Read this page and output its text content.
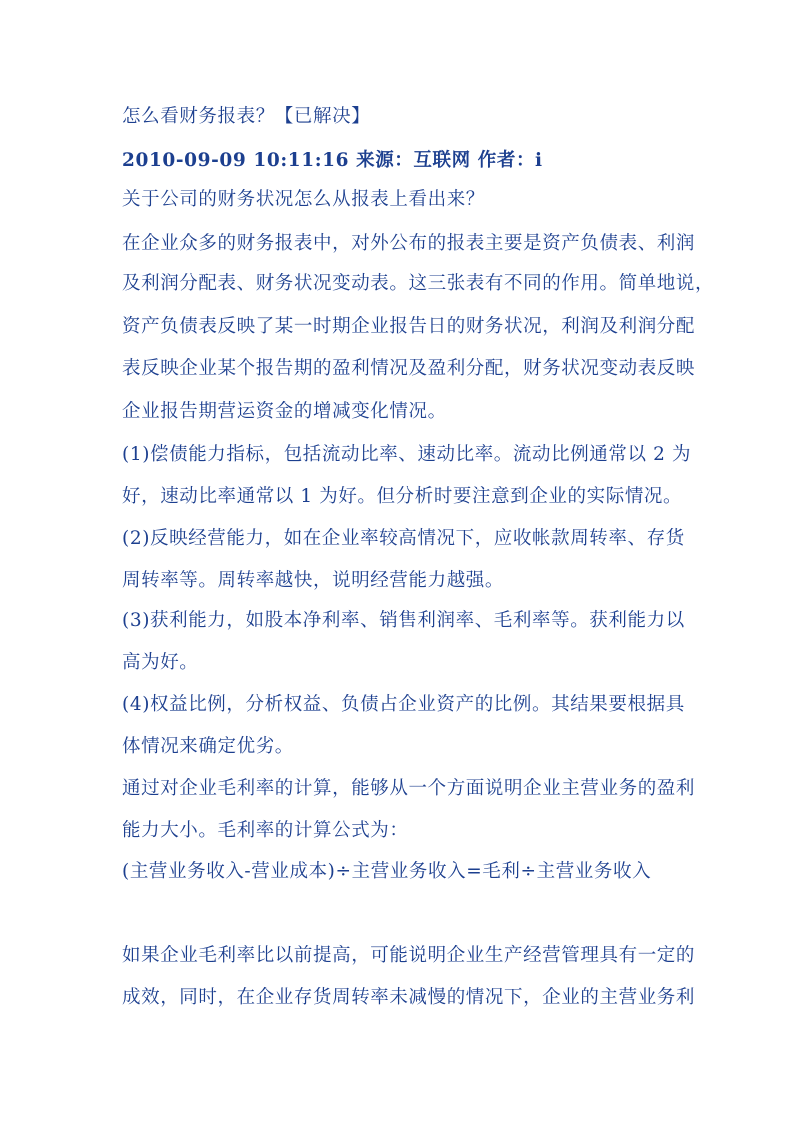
怎么看财务报表？【已解决】
2010-09-09 10:11:16 来源：互联网 作者：i
关于公司的财务状况怎么从报表上看出来？
在企业众多的财务报表中，对外公布的报表主要是资产负债表、利润
及利润分配表、财务状况变动表。这三张表有不同的作用。简单地说，
资产负债表反映了某一时期企业报告日的财务状况，利润及利润分配
表反映企业某个报告期的盈利情况及盈利分配，财务状况变动表反映
企业报告期营运资金的增减变化情况。
(1)偿债能力指标，包括流动比率、速动比率。流动比例通常以 2 为
好，速动比率通常以 1 为好。但分析时要注意到企业的实际情况。
(2)反映经营能力，如在企业率较高情况下，应收帐款周转率、存货
周转率等。周转率越快，说明经营能力越强。
(3)获利能力，如股本净利率、销售利润率、毛利率等。获利能力以
高为好。
(4)权益比例，分析权益、负债占企业资产的比例。其结果要根据具
体情况来确定优劣。
通过对企业毛利率的计算，能够从一个方面说明企业主营业务的盈利
能力大小。毛利率的计算公式为：
(主营业务收入-营业成本)÷主营业务收入=毛利÷主营业务收入
如果企业毛利率比以前提高，可能说明企业生产经营管理具有一定的
成效，同时，在企业存货周转率未减慢的情况下，企业的主营业务利
